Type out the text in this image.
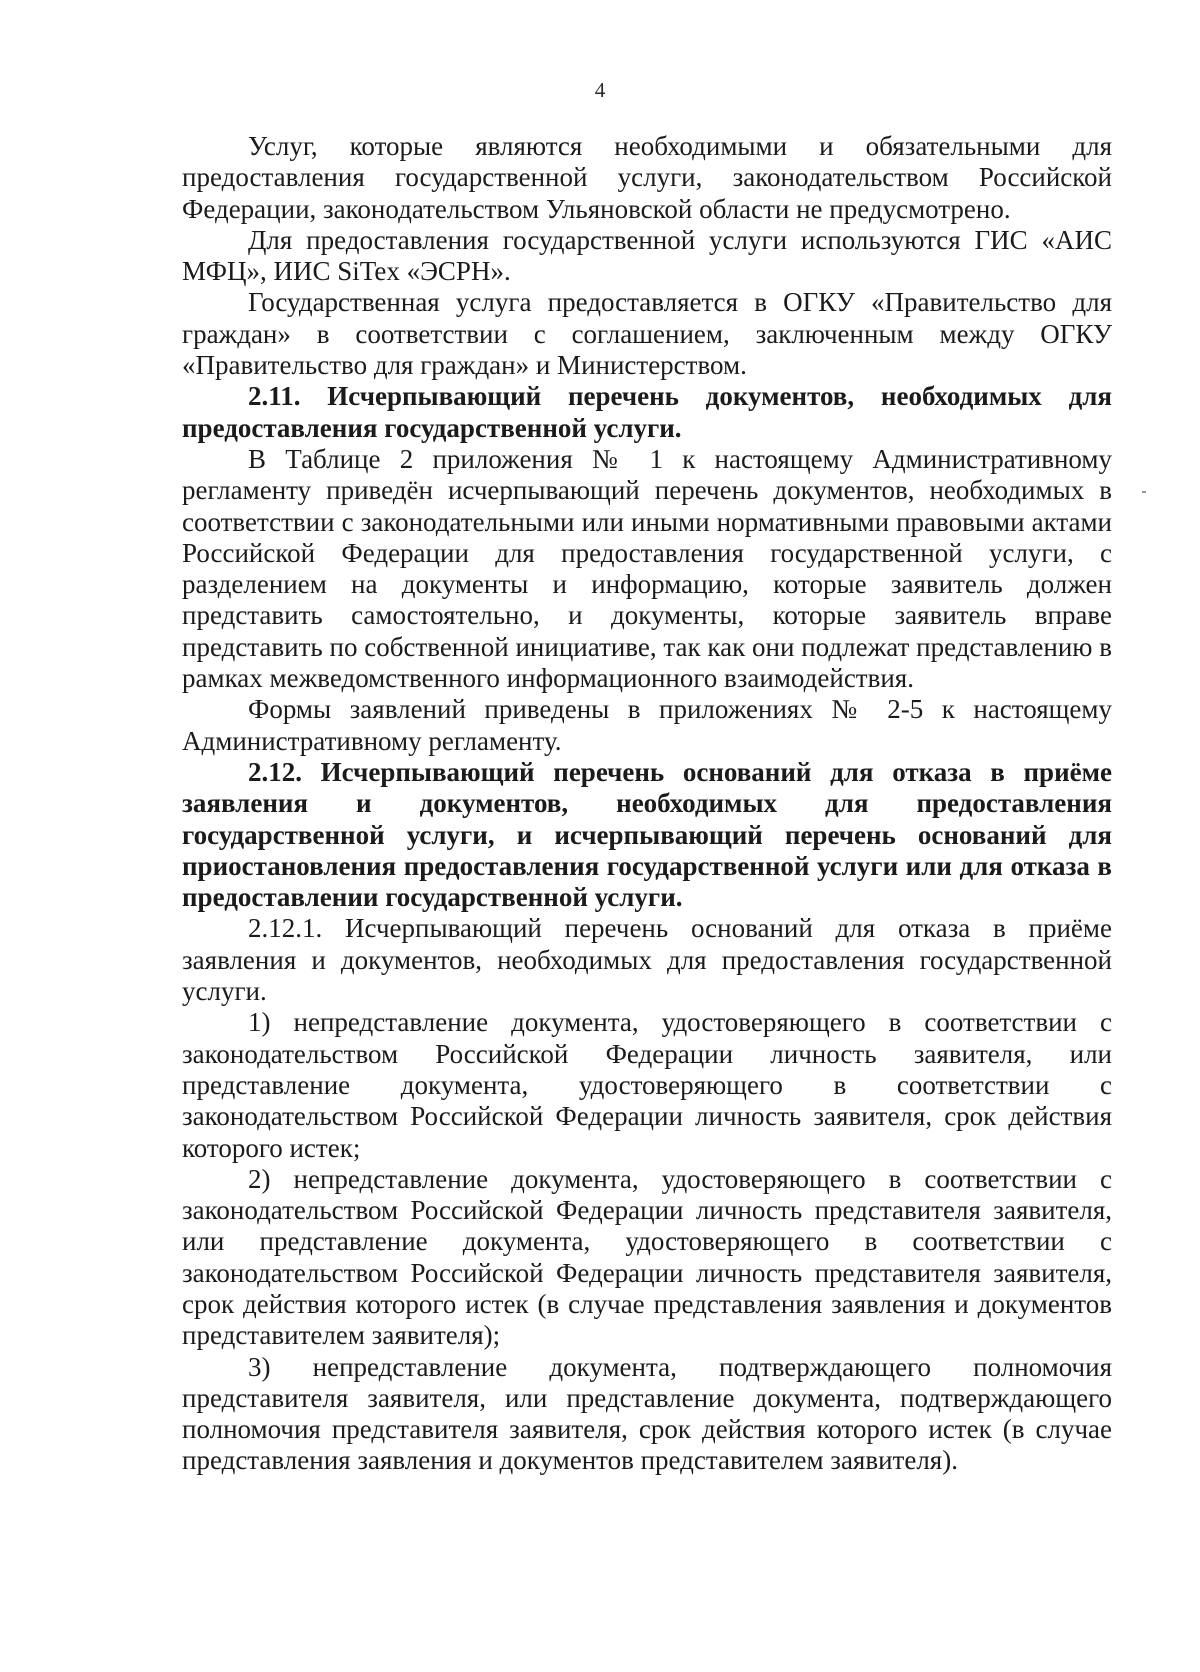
4

Услуг, которые являются необходимыми и обязательными для предоставления государственной услуги, законодательством Российской Федерации, законодательством Ульяновской области не предусмотрено.

Для предоставления государственной услуги используются ГИС «АИС МФЦ», ИИС SiTex «ЭСРН».

Государственная услуга предоставляется в ОГКУ «Правительство для граждан» в соответствии с соглашением, заключенным между ОГКУ «Правительство для граждан» и Министерством.

2.11. Исчерпывающий перечень документов, необходимых для предоставления государственной услуги.

В Таблице 2 приложения № 1 к настоящему Административному регламенту приведён исчерпывающий перечень документов, необходимых в соответствии с законодательными или иными нормативными правовыми актами Российской Федерации для предоставления государственной услуги, с разделением на документы и информацию, которые заявитель должен представить самостоятельно, и документы, которые заявитель вправе представить по собственной инициативе, так как они подлежат представлению в рамках межведомственного информационного взаимодействия.

Формы заявлений приведены в приложениях № 2-5 к настоящему Административному регламенту.

2.12. Исчерпывающий перечень оснований для отказа в приёме заявления и документов, необходимых для предоставления государственной услуги, и исчерпывающий перечень оснований для приостановления предоставления государственной услуги или для отказа в предоставлении государственной услуги.

2.12.1. Исчерпывающий перечень оснований для отказа в приёме заявления и документов, необходимых для предоставления государственной услуги.

1) непредставление документа, удостоверяющего в соответствии с законодательством Российской Федерации личность заявителя, или представление документа, удостоверяющего в соответствии с законодательством Российской Федерации личность заявителя, срок действия которого истек;

2) непредставление документа, удостоверяющего в соответствии с законодательством Российской Федерации личность представителя заявителя, или представление документа, удостоверяющего в соответствии с законодательством Российской Федерации личность представителя заявителя, срок действия которого истек (в случае представления заявления и документов представителем заявителя);

3) непредставление документа, подтверждающего полномочия представителя заявителя, или представление документа, подтверждающего полномочия представителя заявителя, срок действия которого истек (в случае представления заявления и документов представителем заявителя).
